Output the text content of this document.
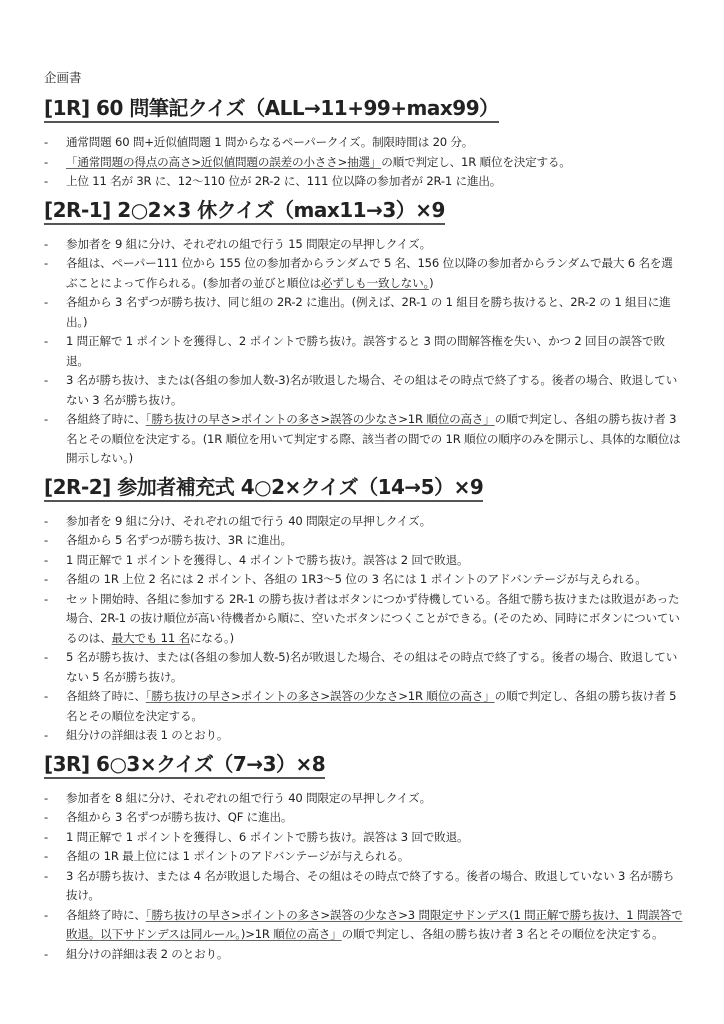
企画書
[1R] 60 問筆記クイズ（ALL→11+99+max99）
- 通常問題 60 問+近似値問題 1 問からなるペーパークイズ。制限時間は 20 分。
- 「通常問題の得点の高さ>近似値問題の誤差の小ささ>抽選」の順で判定し、1R 順位を決定する。
- 上位 11 名が 3R に、12〜110 位が 2R-2 に、111 位以降の参加者が 2R-1 に進出。
[2R-1] 2○2×3 休クイズ（max11→3）×9
- 参加者を 9 組に分け、それぞれの組で行う 15 問限定の早押しクイズ。
- 各組は、ペーパー111 位から 155 位の参加者からランダムで 5 名、156 位以降の参加者からランダムで最大 6 名を選ぶことによって作られる。(参加者の並びと順位は必ずしも一致しない。)
- 各組から 3 名ずつが勝ち抜け、同じ組の 2R-2 に進出。(例えば、2R-1 の 1 組目を勝ち抜けると、2R-2 の 1 組目に進出。)
- 1 問正解で 1 ポイントを獲得し、2 ポイントで勝ち抜け。誤答すると 3 問の間解答権を失い、かつ 2 回目の誤答で敗退。
- 3 名が勝ち抜け、または(各組の参加人数-3)名が敗退した場合、その組はその時点で終了する。後者の場合、敗退していない 3 名が勝ち抜け。
- 各組終了時に、「勝ち抜けの早さ>ポイントの多さ>誤答の少なさ>1R 順位の高さ」の順で判定し、各組の勝ち抜け者 3 名とその順位を決定する。(1R 順位を用いて判定する際、該当者の間での 1R 順位の順序のみを開示し、具体的な順位は開示しない。)
[2R-2] 参加者補充式 4○2×クイズ（14→5）×9
- 参加者を 9 組に分け、それぞれの組で行う 40 問限定の早押しクイズ。
- 各組から 5 名ずつが勝ち抜け、3R に進出。
- 1 問正解で 1 ポイントを獲得し、4 ポイントで勝ち抜け。誤答は 2 回で敗退。
- 各組の 1R 上位 2 名には 2 ポイント、各組の 1R3〜5 位の 3 名には 1 ポイントのアドバンテージが与えられる。
- セット開始時、各組に参加する 2R-1 の勝ち抜け者はボタンにつかず待機している。各組で勝ち抜けまたは敗退があった場合、2R-1 の抜け順位が高い待機者から順に、空いたボタンにつくことができる。(そのため、同時にボタンについているのは、最大でも 11 名になる。)
- 5 名が勝ち抜け、または(各組の参加人数-5)名が敗退した場合、その組はその時点で終了する。後者の場合、敗退していない 5 名が勝ち抜け。
- 各組終了時に、「勝ち抜けの早さ>ポイントの多さ>誤答の少なさ>1R 順位の高さ」の順で判定し、各組の勝ち抜け者 5 名とその順位を決定する。
- 組分けの詳細は表 1 のとおり。
[3R] 6○3×クイズ（7→3）×8
- 参加者を 8 組に分け、それぞれの組で行う 40 問限定の早押しクイズ。
- 各組から 3 名ずつが勝ち抜け、QF に進出。
- 1 問正解で 1 ポイントを獲得し、6 ポイントで勝ち抜け。誤答は 3 回で敗退。
- 各組の 1R 最上位には 1 ポイントのアドバンテージが与えられる。
- 3 名が勝ち抜け、または 4 名が敗退した場合、その組はその時点で終了する。後者の場合、敗退していない 3 名が勝ち抜け。
- 各組終了時に、「勝ち抜けの早さ>ポイントの多さ>誤答の少なさ>3 問限定サドンデス(1 問正解で勝ち抜け、1 問誤答で敗退。以下サドンデスは同ルール。)>1R 順位の高さ」の順で判定し、各組の勝ち抜け者 3 名とその順位を決定する。
- 組分けの詳細は表 2 のとおり。
